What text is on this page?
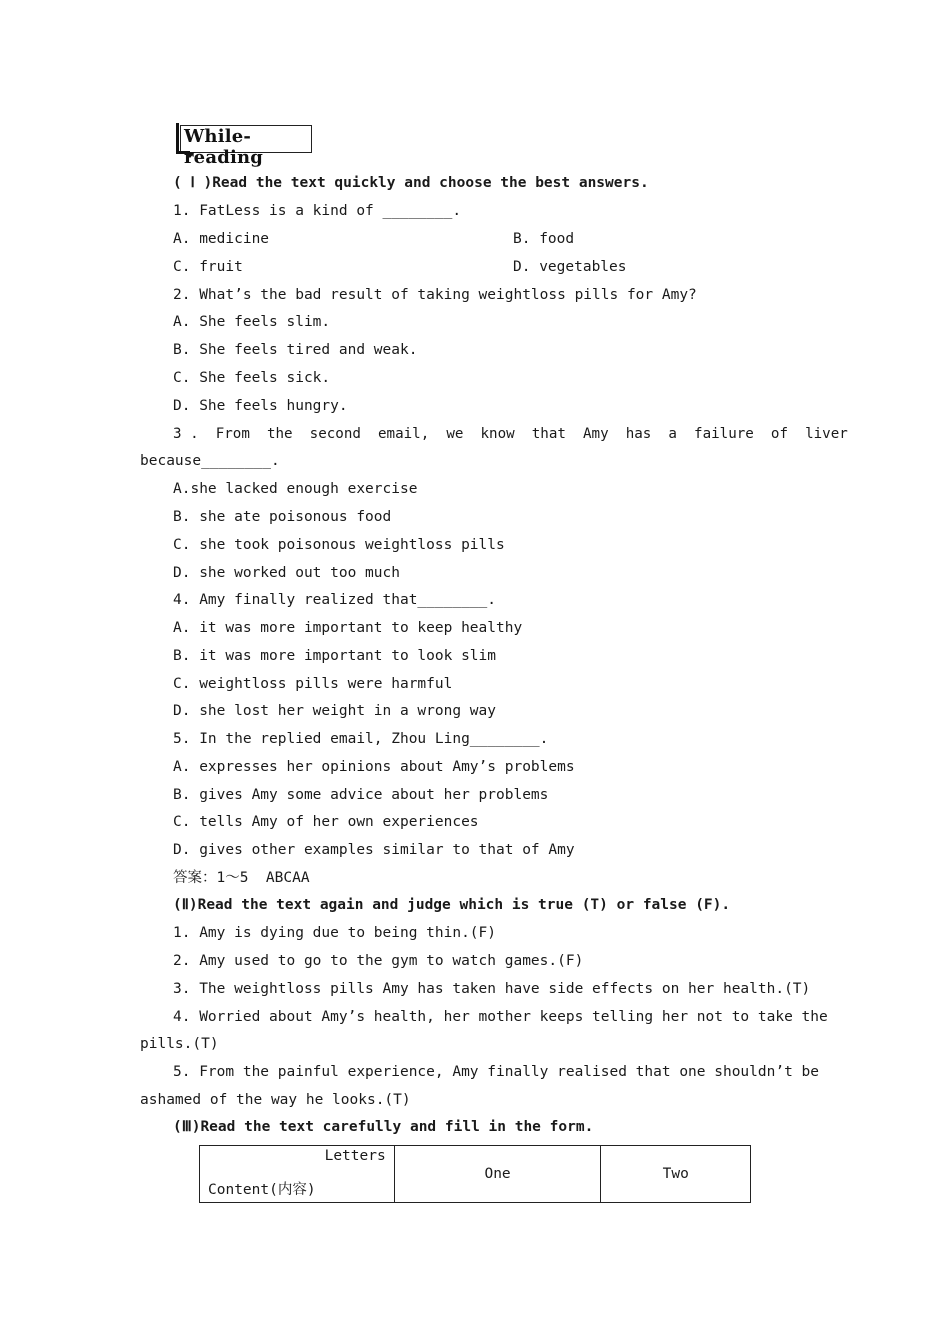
While-reading
( Ⅰ )Read the text quickly and choose the best answers.
1. FatLess is a kind of ________.
A. medicine	B. food
C. fruit	D. vegetables
2. What’s the bad result of taking weightloss pills for Amy?
A. She feels slim.
B. She feels tired and weak.
C. She feels sick.
D. She feels hungry.
3 .  From  the  second  email,  we  know  that  Amy  has  a  failure  of  liver
because________.
A.she lacked enough exercise
B. she ate poisonous food
C. she took poisonous weightloss pills
D. she worked out too much
4. Amy finally realized that________.
A. it was more important to keep healthy
B. it was more important to look slim
C. weightloss pills were harmful
D. she lost her weight in a wrong way
5. In the replied email, Zhou Ling________.
A. expresses her opinions about Amy’s problems
B. gives Amy some advice about her problems
C. tells Amy of her own experiences
D. gives other examples similar to that of Amy
答案：1～5  ABCAA
(Ⅱ)Read the text again and judge which is true (T) or false (F).
1. Amy is dying due to being thin.(F)
2. Amy used to go to the gym to watch games.(F)
3. The weightloss pills Amy has taken have side effects on her health.(T)
4. Worried about Amy’s health, her mother keeps telling her not to take the
pills.(T)
5. From the painful experience, Amy finally realised that one shouldn’t be
ashamed of the way he looks.(T)
(Ⅲ)Read the text carefully and fill in the form.
Letters
Content(内容)
	One	Two
